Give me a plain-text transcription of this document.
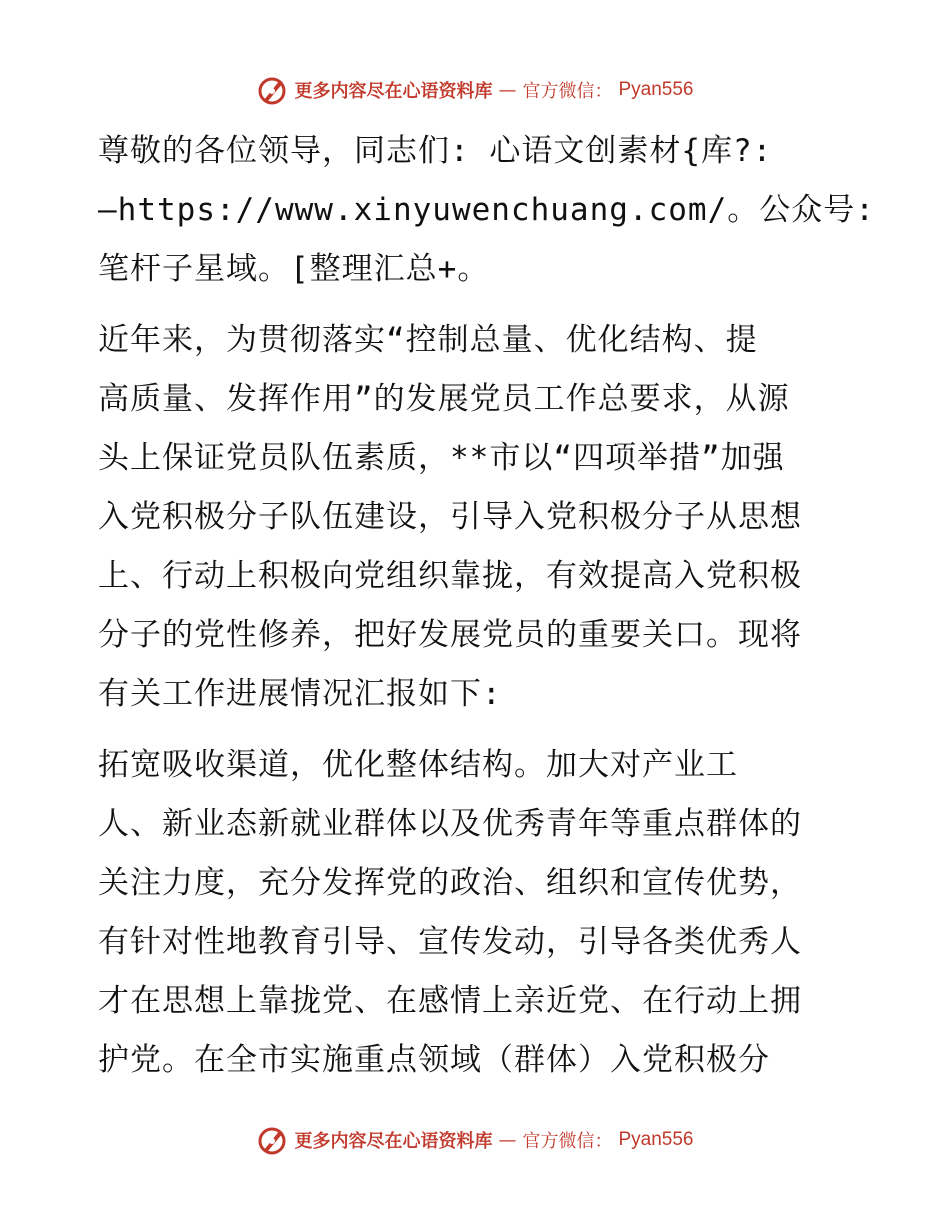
更多内容尽在心语资料库 — 官方微信： Pyan556
尊敬的各位领导，同志们: 心语文创素材{库?:
—https://www.xinyuwenchuang.com/。公众号:
笔杆子星域。[整理汇总+。
近年来，为贯彻落实“控制总量、优化结构、提
高质量、发挥作用”的发展党员工作总要求，从源
头上保证党员队伍素质，**市以“四项举措”加强
入党积极分子队伍建设，引导入党积极分子从思想
上、行动上积极向党组织靠拢，有效提高入党积极
分子的党性修养，把好发展党员的重要关口。现将
有关工作进展情况汇报如下:
拓宽吸收渠道，优化整体结构。加大对产业工
人、新业态新就业群体以及优秀青年等重点群体的
关注力度，充分发挥党的政治、组织和宣传优势，
有针对性地教育引导、宣传发动，引导各类优秀人
才在思想上靠拢党、在感情上亲近党、在行动上拥
护党。在全市实施重点领域（群体）入党积极分
更多内容尽在心语资料库 — 官方微信： Pyan556
